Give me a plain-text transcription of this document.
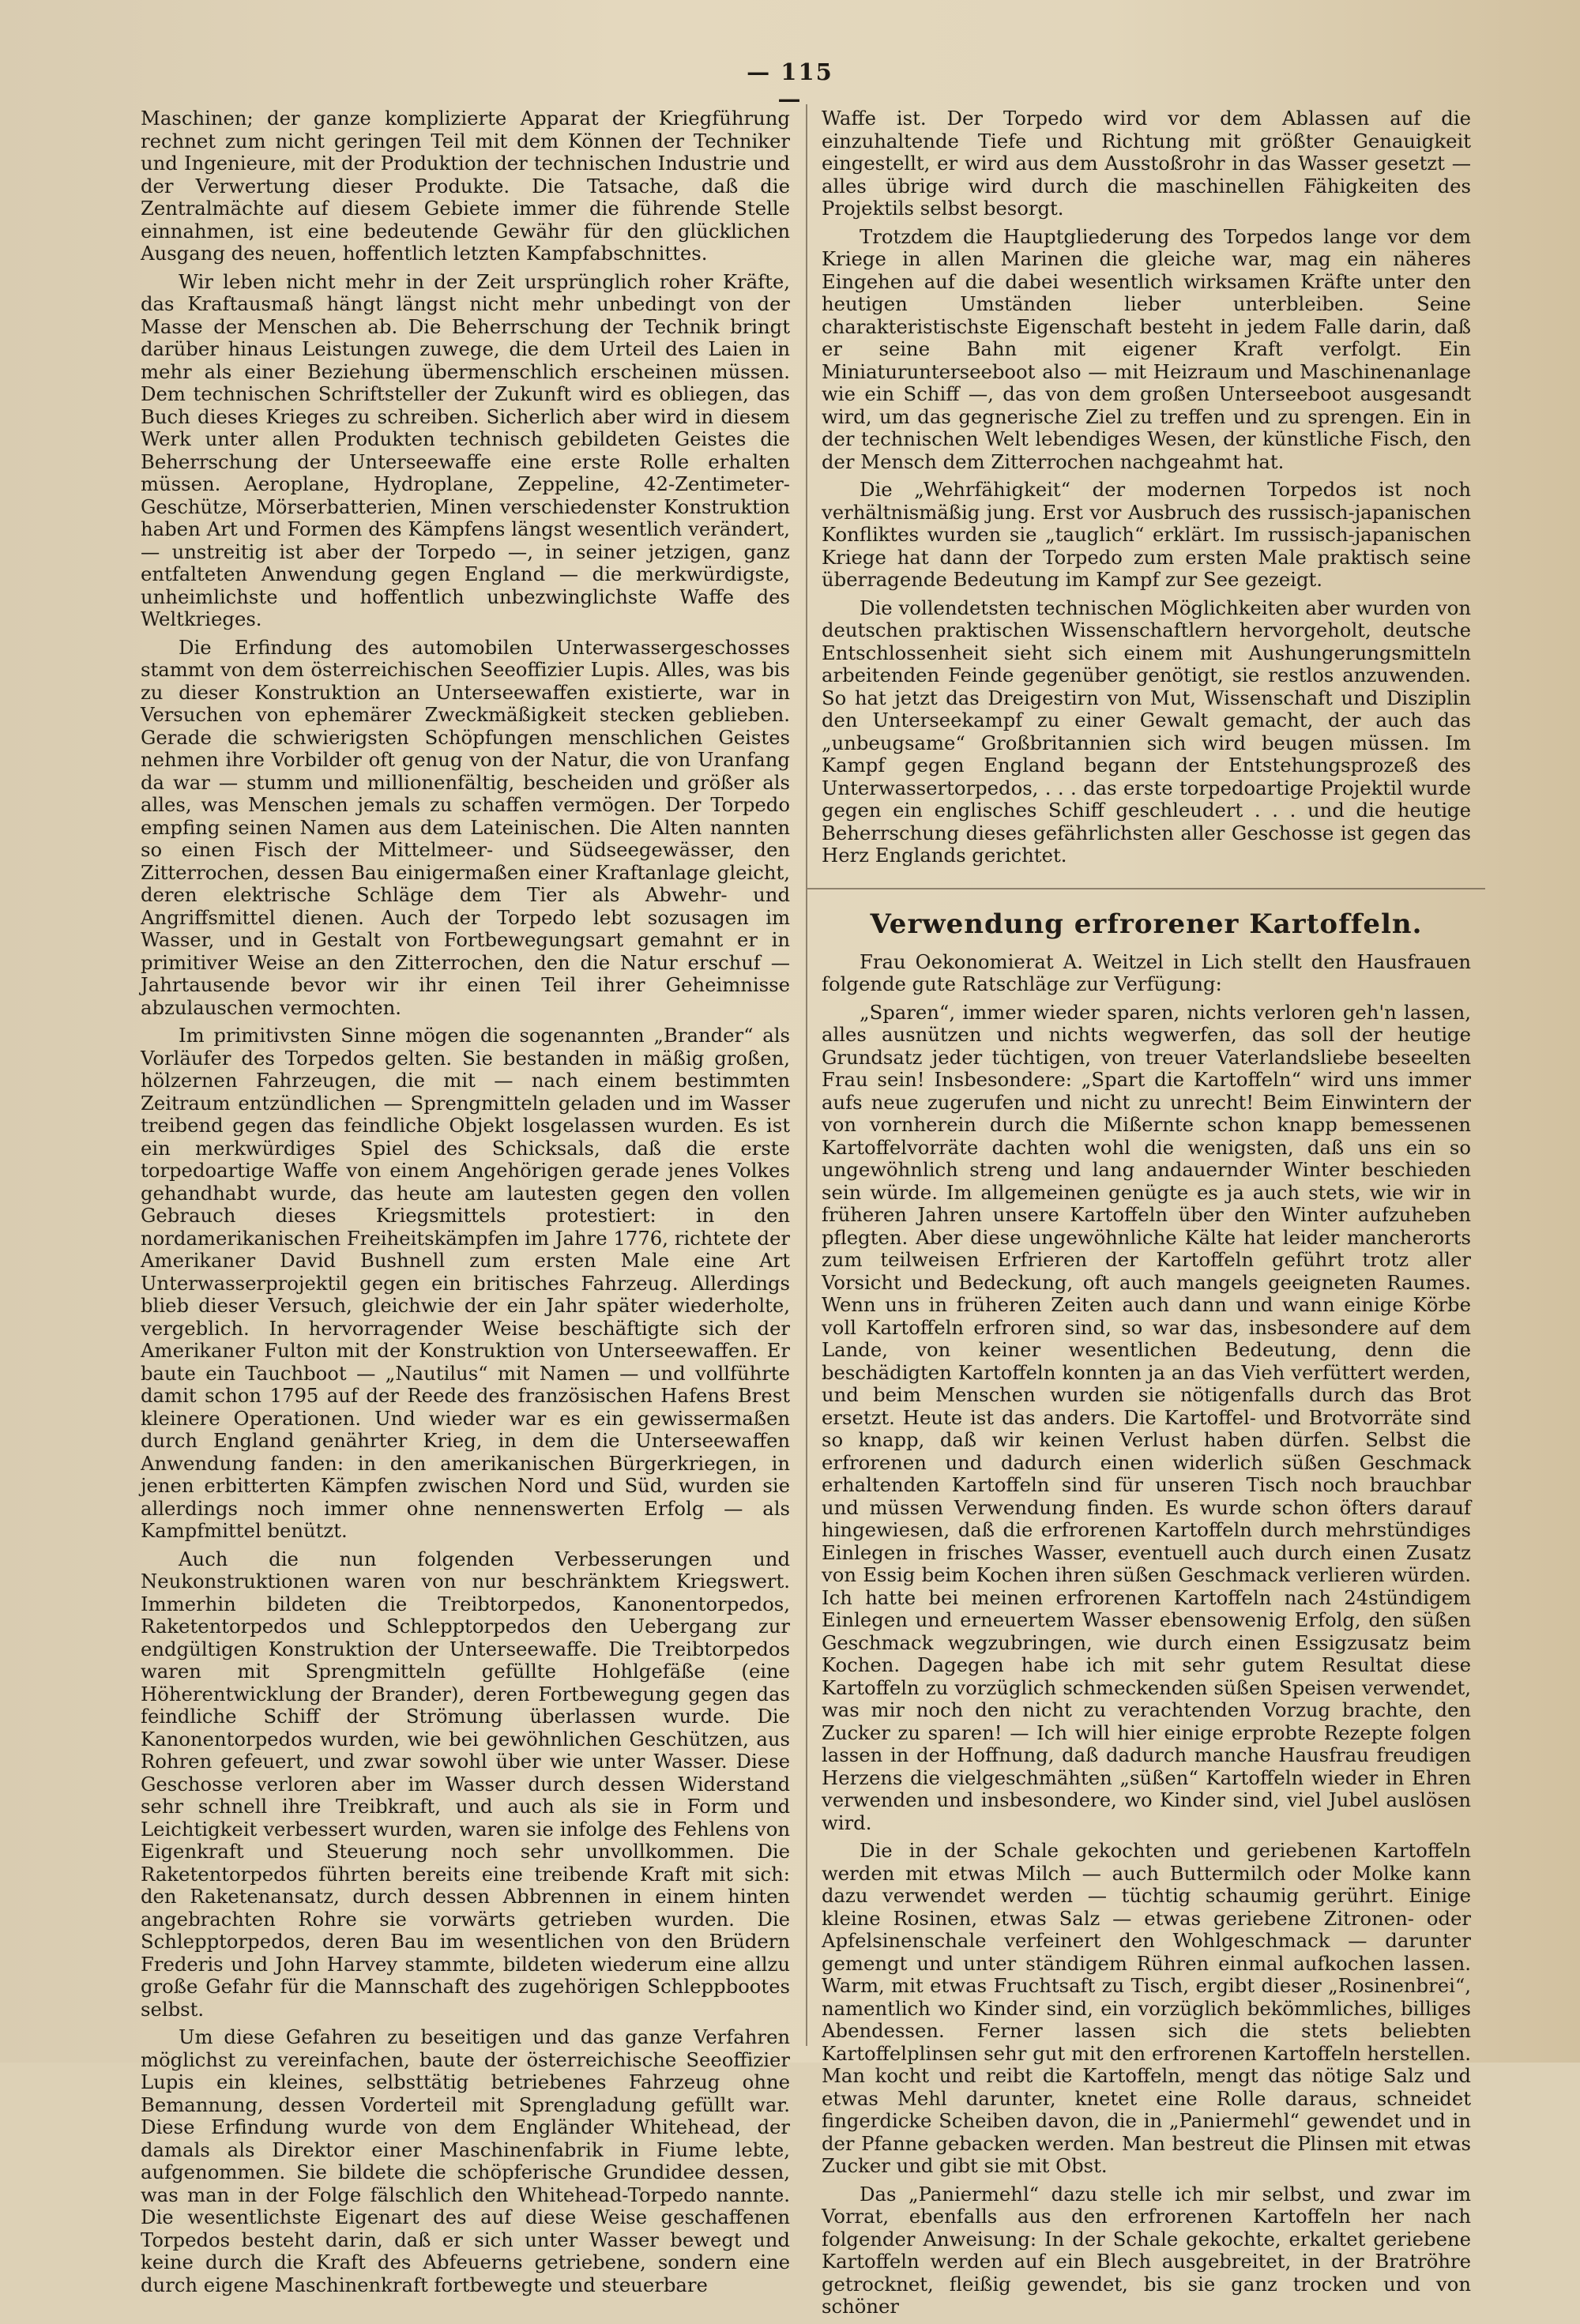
— 115 —

Maschinen; der ganze komplizierte Apparat der Kriegführung rechnet zum nicht geringen Teil mit dem Können der Techniker und Ingenieure, mit der Produktion der technischen Industrie und der Verwertung dieser Produkte. Die Tatsache, daß die Zentralmächte auf diesem Gebiete immer die führende Stelle einnahmen, ist eine bedeutende Gewähr für den glücklichen Ausgang des neuen, hoffentlich letzten Kampfabschnittes.

Wir leben nicht mehr in der Zeit ursprünglich roher Kräfte, das Kraftausmaß hängt längst nicht mehr unbedingt von der Masse der Menschen ab. Die Beherrschung der Technik bringt darüber hinaus Leistungen zuwege, die dem Urteil des Laien in mehr als einer Beziehung übermenschlich erscheinen müssen. Dem technischen Schriftsteller der Zukunft wird es obliegen, das Buch dieses Krieges zu schreiben. Sicherlich aber wird in diesem Werk unter allen Produkten technisch gebildeten Geistes die Beherrschung der Unterseewaffe eine erste Rolle erhalten müssen. Aeroplane, Hydroplane, Zeppeline, 42-Zentimeter-Geschütze, Mörserbatterien, Minen verschiedenster Konstruktion haben Art und Formen des Kämpfens längst wesentlich verändert, — unstreitig ist aber der Torpedo —, in seiner jetzigen, ganz entfalteten Anwendung gegen England — die merkwürdigste, unheimlichste und hoffentlich unbezwinglichste Waffe des Weltkrieges.

Die Erfindung des automobilen Unterwassergeschosses stammt von dem österreichischen Seeoffizier Lupis. Alles, was bis zu dieser Konstruktion an Unterseewaffen existierte, war in Versuchen von ephemärer Zweckmäßigkeit stecken geblieben. Gerade die schwierigsten Schöpfungen menschlichen Geistes nehmen ihre Vorbilder oft genug von der Natur, die von Uranfang da war — stumm und millionenfältig, bescheiden und größer als alles, was Menschen jemals zu schaffen vermögen. Der Torpedo empfing seinen Namen aus dem Lateinischen. Die Alten nannten so einen Fisch der Mittelmeer- und Südseegewässer, den Zitterrochen, dessen Bau einigermaßen einer Kraftanlage gleicht, deren elektrische Schläge dem Tier als Abwehr- und Angriffsmittel dienen. Auch der Torpedo lebt sozusagen im Wasser, und in Gestalt von Fortbewegungsart gemahnt er in primitiver Weise an den Zitterrochen, den die Natur erschuf — Jahrtausende bevor wir ihr einen Teil ihrer Geheimnisse abzulauschen vermochten.

Im primitivsten Sinne mögen die sogenannten „Brander“ als Vorläufer des Torpedos gelten. Sie bestanden in mäßig großen, hölzernen Fahrzeugen, die mit — nach einem bestimmten Zeitraum entzündlichen — Sprengmitteln geladen und im Wasser treibend gegen das feindliche Objekt losgelassen wurden. Es ist ein merkwürdiges Spiel des Schicksals, daß die erste torpedoartige Waffe von einem Angehörigen gerade jenes Volkes gehandhabt wurde, das heute am lautesten gegen den vollen Gebrauch dieses Kriegsmittels protestiert: in den nordamerikanischen Freiheitskämpfen im Jahre 1776, richtete der Amerikaner David Bushnell zum ersten Male eine Art Unterwasserprojektil gegen ein britisches Fahrzeug. Allerdings blieb dieser Versuch, gleichwie der ein Jahr später wiederholte, vergeblich. In hervorragender Weise beschäftigte sich der Amerikaner Fulton mit der Konstruktion von Unterseewaffen. Er baute ein Tauchboot — „Nautilus“ mit Namen — und vollführte damit schon 1795 auf der Reede des französischen Hafens Brest kleinere Operationen. Und wieder war es ein gewissermaßen durch England genährter Krieg, in dem die Unterseewaffen Anwendung fanden: in den amerikanischen Bürgerkriegen, in jenen erbitterten Kämpfen zwischen Nord und Süd, wurden sie allerdings noch immer ohne nennenswerten Erfolg — als Kampfmittel benützt.

Auch die nun folgenden Verbesserungen und Neukonstruktionen waren von nur beschränktem Kriegswert. Immerhin bildeten die Treibtorpedos, Kanonentorpedos, Raketentorpedos und Schlepptorpedos den Uebergang zur endgültigen Konstruktion der Unterseewaffe. Die Treibtorpedos waren mit Sprengmitteln gefüllte Hohlgefäße (eine Höherentwicklung der Brander), deren Fortbewegung gegen das feindliche Schiff der Strömung überlassen wurde. Die Kanonentorpedos wurden, wie bei gewöhnlichen Geschützen, aus Rohren gefeuert, und zwar sowohl über wie unter Wasser. Diese Geschosse verloren aber im Wasser durch dessen Widerstand sehr schnell ihre Treibkraft, und auch als sie in Form und Leichtigkeit verbessert wurden, waren sie infolge des Fehlens von Eigenkraft und Steuerung noch sehr unvollkommen. Die Raketentorpedos führten bereits eine treibende Kraft mit sich: den Raketenansatz, durch dessen Abbrennen in einem hinten angebrachten Rohre sie vorwärts getrieben wurden. Die Schlepptorpedos, deren Bau im wesentlichen von den Brüdern Frederis und John Harvey stammte, bildeten wiederum eine allzu große Gefahr für die Mannschaft des zugehörigen Schleppbootes selbst.

Um diese Gefahren zu beseitigen und das ganze Verfahren möglichst zu vereinfachen, baute der österreichische Seeoffizier Lupis ein kleines, selbsttätig betriebenes Fahrzeug ohne Bemannung, dessen Vorderteil mit Sprengladung gefüllt war. Diese Erfindung wurde von dem Engländer Whitehead, der damals als Direktor einer Maschinenfabrik in Fiume lebte, aufgenommen. Sie bildete die schöpferische Grundidee dessen, was man in der Folge fälschlich den Whitehead-Torpedo nannte. Die wesentlichste Eigenart des auf diese Weise geschaffenen Torpedos besteht darin, daß er sich unter Wasser bewegt und keine durch die Kraft des Abfeuerns getriebene, sondern eine durch eigene Maschinenkraft fortbewegte und steuerbare

Waffe ist. Der Torpedo wird vor dem Ablassen auf die einzuhaltende Tiefe und Richtung mit größter Genauigkeit eingestellt, er wird aus dem Ausstoßrohr in das Wasser gesetzt — alles übrige wird durch die maschinellen Fähigkeiten des Projektils selbst besorgt.

Trotzdem die Hauptgliederung des Torpedos lange vor dem Kriege in allen Marinen die gleiche war, mag ein näheres Eingehen auf die dabei wesentlich wirksamen Kräfte unter den heutigen Umständen lieber unterbleiben. Seine charakteristischste Eigenschaft besteht in jedem Falle darin, daß er seine Bahn mit eigener Kraft verfolgt. Ein Miniaturunterseeboot also — mit Heizraum und Maschinenanlage wie ein Schiff —, das von dem großen Unterseeboot ausgesandt wird, um das gegnerische Ziel zu treffen und zu sprengen. Ein in der technischen Welt lebendiges Wesen, der künstliche Fisch, den der Mensch dem Zitterrochen nachgeahmt hat.

Die „Wehrfähigkeit“ der modernen Torpedos ist noch verhältnismäßig jung. Erst vor Ausbruch des russisch-japanischen Konfliktes wurden sie „tauglich“ erklärt. Im russisch-japanischen Kriege hat dann der Torpedo zum ersten Male praktisch seine überragende Bedeutung im Kampf zur See gezeigt.

Die vollendetsten technischen Möglichkeiten aber wurden von deutschen praktischen Wissenschaftlern hervorgeholt, deutsche Entschlossenheit sieht sich einem mit Aushungerungsmitteln arbeitenden Feinde gegenüber genötigt, sie restlos anzuwenden. So hat jetzt das Dreigestirn von Mut, Wissenschaft und Disziplin den Unterseekampf zu einer Gewalt gemacht, der auch das „unbeugsame“ Großbritannien sich wird beugen müssen. Im Kampf gegen England begann der Entstehungsprozeß des Unterwassertorpedos, . . . das erste torpedoartige Projektil wurde gegen ein englisches Schiff geschleudert . . . und die heutige Beherrschung dieses gefährlichsten aller Geschosse ist gegen das Herz Englands gerichtet.

Verwendung erfrorener Kartoffeln.

Frau Oekonomierat A. Weitzel in Lich stellt den Hausfrauen folgende gute Ratschläge zur Verfügung:

„Sparen“, immer wieder sparen, nichts verloren geh'n lassen, alles ausnützen und nichts wegwerfen, das soll der heutige Grundsatz jeder tüchtigen, von treuer Vaterlandsliebe beseelten Frau sein! Insbesondere: „Spart die Kartoffeln“ wird uns immer aufs neue zugerufen und nicht zu unrecht! Beim Einwintern der von vornherein durch die Mißernte schon knapp bemessenen Kartoffelvorräte dachten wohl die wenigsten, daß uns ein so ungewöhnlich streng und lang andauernder Winter beschieden sein würde. Im allgemeinen genügte es ja auch stets, wie wir in früheren Jahren unsere Kartoffeln über den Winter aufzuheben pflegten. Aber diese ungewöhnliche Kälte hat leider mancherorts zum teilweisen Erfrieren der Kartoffeln geführt trotz aller Vorsicht und Bedeckung, oft auch mangels geeigneten Raumes. Wenn uns in früheren Zeiten auch dann und wann einige Körbe voll Kartoffeln erfroren sind, so war das, insbesondere auf dem Lande, von keiner wesentlichen Bedeutung, denn die beschädigten Kartoffeln konnten ja an das Vieh verfüttert werden, und beim Menschen wurden sie nötigenfalls durch das Brot ersetzt. Heute ist das anders. Die Kartoffel- und Brotvorräte sind so knapp, daß wir keinen Verlust haben dürfen. Selbst die erfrorenen und dadurch einen widerlich süßen Geschmack erhaltenden Kartoffeln sind für unseren Tisch noch brauchbar und müssen Verwendung finden. Es wurde schon öfters darauf hingewiesen, daß die erfrorenen Kartoffeln durch mehrstündiges Einlegen in frisches Wasser, eventuell auch durch einen Zusatz von Essig beim Kochen ihren süßen Geschmack verlieren würden. Ich hatte bei meinen erfrorenen Kartoffeln nach 24stündigem Einlegen und erneuertem Wasser ebensowenig Erfolg, den süßen Geschmack wegzubringen, wie durch einen Essigzusatz beim Kochen. Dagegen habe ich mit sehr gutem Resultat diese Kartoffeln zu vorzüglich schmeckenden süßen Speisen verwendet, was mir noch den nicht zu verachtenden Vorzug brachte, den Zucker zu sparen! — Ich will hier einige erprobte Rezepte folgen lassen in der Hoffnung, daß dadurch manche Hausfrau freudigen Herzens die vielgeschmähten „süßen“ Kartoffeln wieder in Ehren verwenden und insbesondere, wo Kinder sind, viel Jubel auslösen wird.

Die in der Schale gekochten und geriebenen Kartoffeln werden mit etwas Milch — auch Buttermilch oder Molke kann dazu verwendet werden — tüchtig schaumig gerührt. Einige kleine Rosinen, etwas Salz — etwas geriebene Zitronen- oder Apfelsinenschale verfeinert den Wohlgeschmack — darunter gemengt und unter ständigem Rühren einmal aufkochen lassen. Warm, mit etwas Fruchtsaft zu Tisch, ergibt dieser „Rosinenbrei“, namentlich wo Kinder sind, ein vorzüglich bekömmliches, billiges Abendessen. Ferner lassen sich die stets beliebten Kartoffelplinsen sehr gut mit den erfrorenen Kartoffeln herstellen. Man kocht und reibt die Kartoffeln, mengt das nötige Salz und etwas Mehl darunter, knetet eine Rolle daraus, schneidet fingerdicke Scheiben davon, die in „Paniermehl“ gewendet und in der Pfanne gebacken werden. Man bestreut die Plinsen mit etwas Zucker und gibt sie mit Obst.

Das „Paniermehl“ dazu stelle ich mir selbst, und zwar im Vorrat, ebenfalls aus den erfrorenen Kartoffeln her nach folgender Anweisung: In der Schale gekochte, erkaltet geriebene Kartoffeln werden auf ein Blech ausgebreitet, in der Bratröhre getrocknet, fleißig gewendet, bis sie ganz trocken und von schöner
